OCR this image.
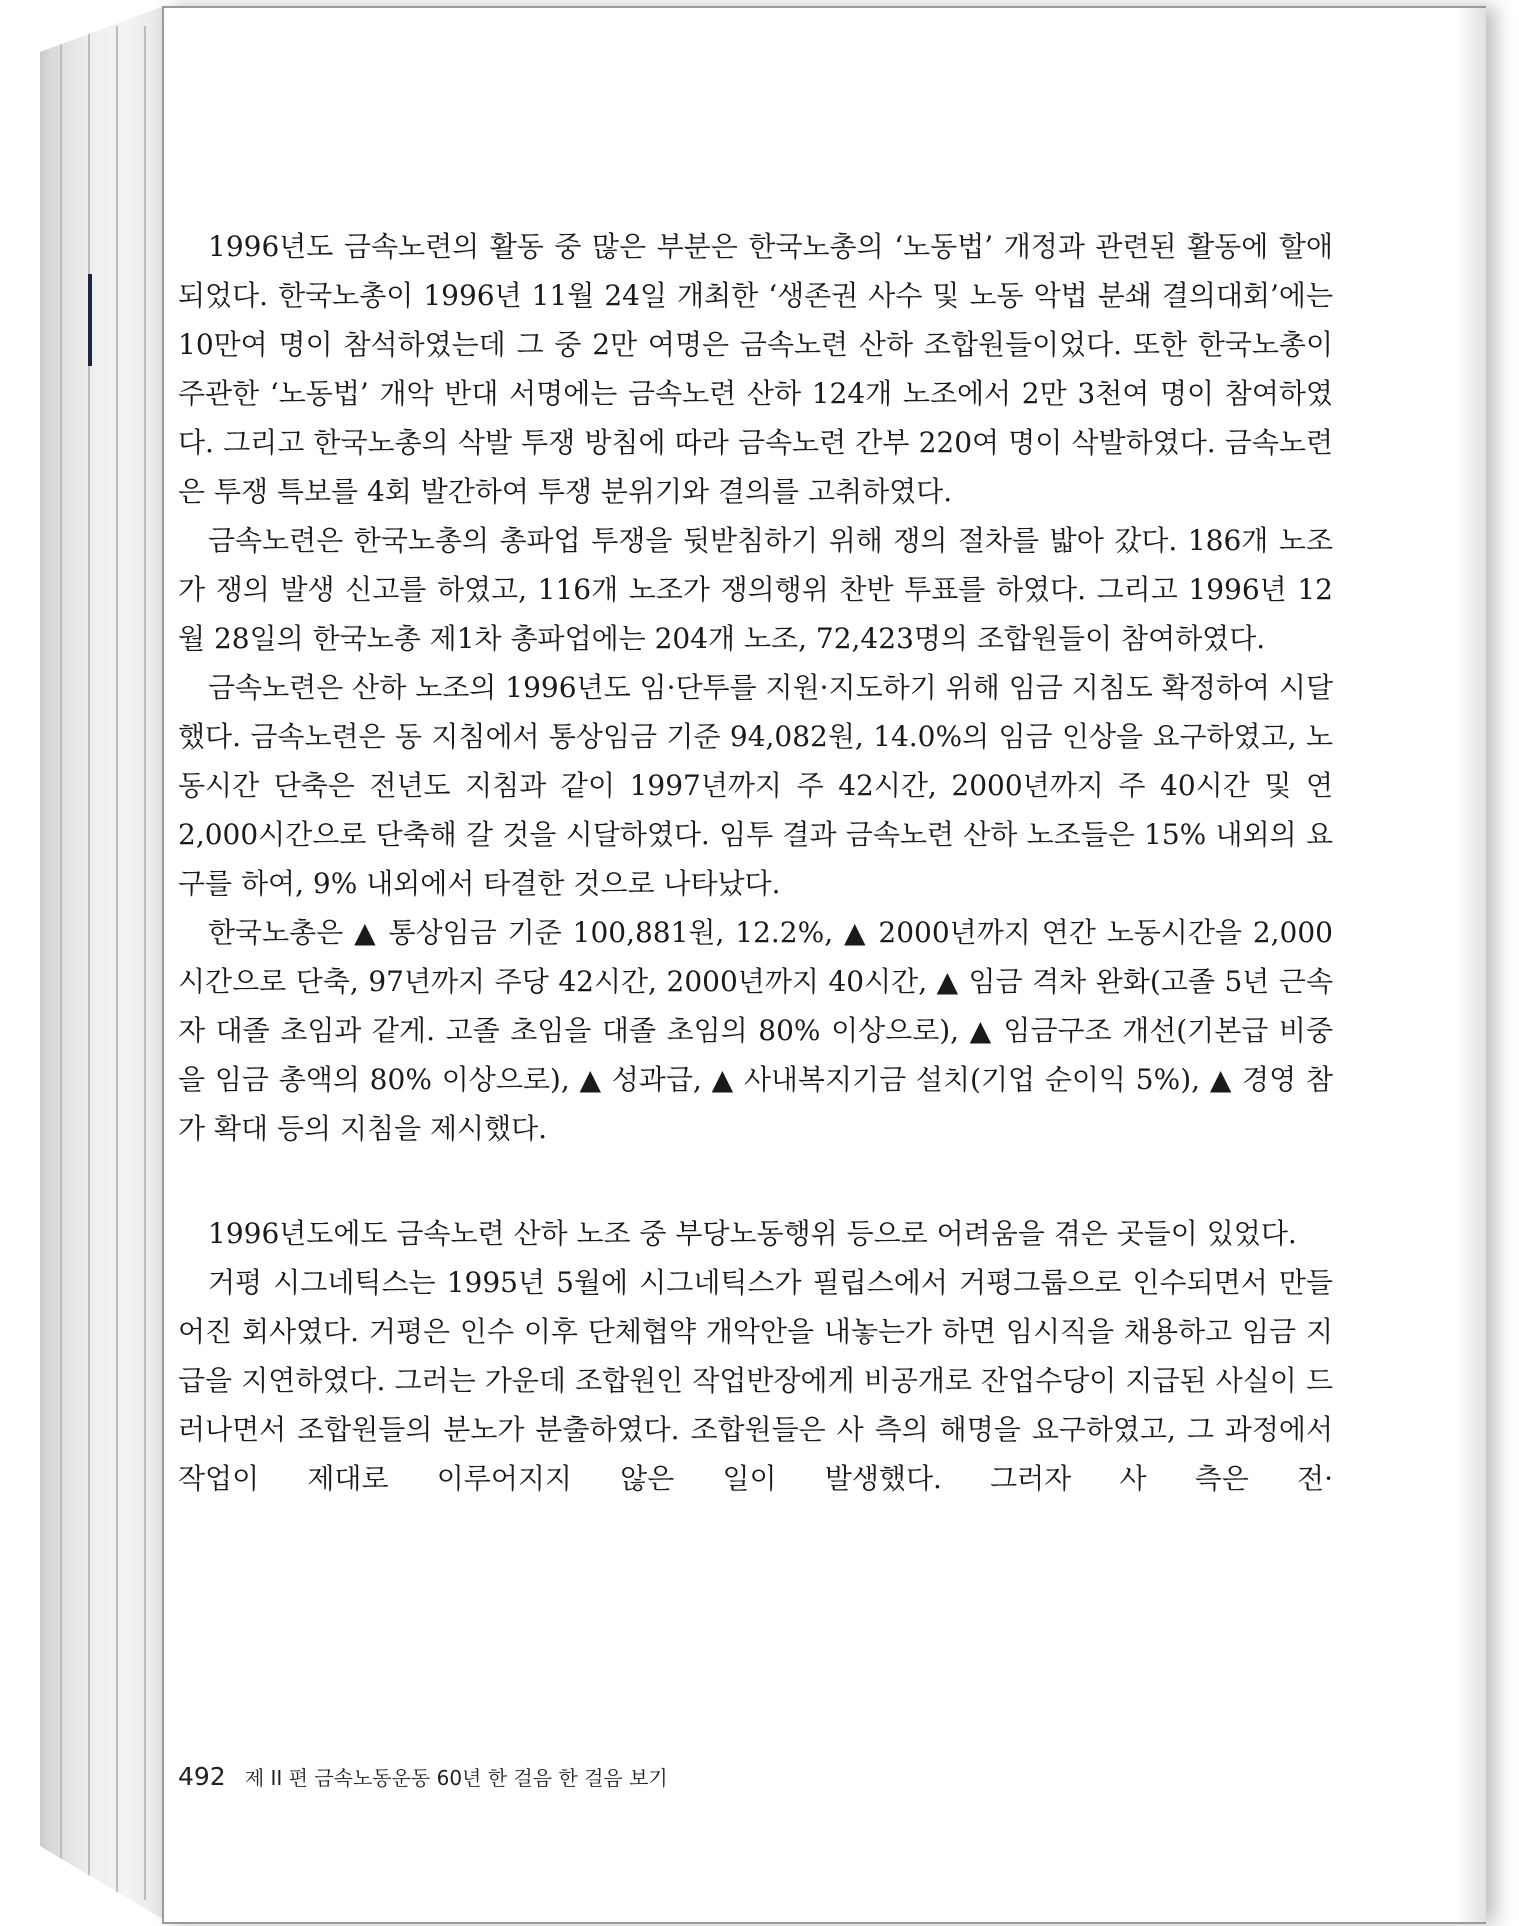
1996년도 금속노련의 활동 중 많은 부분은 한국노총의 ‘노동법’ 개정과 관련된 활동에 할애되었다. 한국노총이 1996년 11월 24일 개최한 ‘생존권 사수 및 노동 악법 분쇄 결의대회’에는 10만여 명이 참석하였는데 그 중 2만 여명은 금속노련 산하 조합원들이었다. 또한 한국노총이 주관한 ‘노동법’ 개악 반대 서명에는 금속노련 산하 124개 노조에서 2만 3천여 명이 참여하였다. 그리고 한국노총의 삭발 투쟁 방침에 따라 금속노련 간부 220여 명이 삭발하였다. 금속노련은 투쟁 특보를 4회 발간하여 투쟁 분위기와 결의를 고취하였다.

금속노련은 한국노총의 총파업 투쟁을 뒷받침하기 위해 쟁의 절차를 밟아 갔다. 186개 노조가 쟁의 발생 신고를 하였고, 116개 노조가 쟁의행위 찬반 투표를 하였다. 그리고 1996년 12월 28일의 한국노총 제1차 총파업에는 204개 노조, 72,423명의 조합원들이 참여하였다.

금속노련은 산하 노조의 1996년도 임·단투를 지원·지도하기 위해 임금 지침도 확정하여 시달했다. 금속노련은 동 지침에서 통상임금 기준 94,082원, 14.0%의 임금 인상을 요구하였고, 노동시간 단축은 전년도 지침과 같이 1997년까지 주 42시간, 2000년까지 주 40시간 및 연 2,000시간으로 단축해 갈 것을 시달하였다. 임투 결과 금속노련 산하 노조들은 15% 내외의 요구를 하여, 9% 내외에서 타결한 것으로 나타났다.

한국노총은 ▲ 통상임금 기준 100,881원, 12.2%, ▲ 2000년까지 연간 노동시간을 2,000시간으로 단축, 97년까지 주당 42시간, 2000년까지 40시간, ▲ 임금 격차 완화(고졸 5년 근속자 대졸 초임과 같게. 고졸 초임을 대졸 초임의 80% 이상으로), ▲ 임금구조 개선(기본급 비중을 임금 총액의 80% 이상으로), ▲ 성과급, ▲ 사내복지기금 설치(기업 순이익 5%), ▲ 경영 참가 확대 등의 지침을 제시했다.

1996년도에도 금속노련 산하 노조 중 부당노동행위 등으로 어려움을 겪은 곳들이 있었다.

거평 시그네틱스는 1995년 5월에 시그네틱스가 필립스에서 거평그룹으로 인수되면서 만들어진 회사였다. 거평은 인수 이후 단체협약 개악안을 내놓는가 하면 임시직을 채용하고 임금 지급을 지연하였다. 그러는 가운데 조합원인 작업반장에게 비공개로 잔업수당이 지급된 사실이 드러나면서 조합원들의 분노가 분출하였다. 조합원들은 사 측의 해명을 요구하였고, 그 과정에서 작업이 제대로 이루어지지 않은 일이 발생했다. 그러자 사 측은 전·

492 제 II 편 금속노동운동 60년 한 걸음 한 걸음 보기
